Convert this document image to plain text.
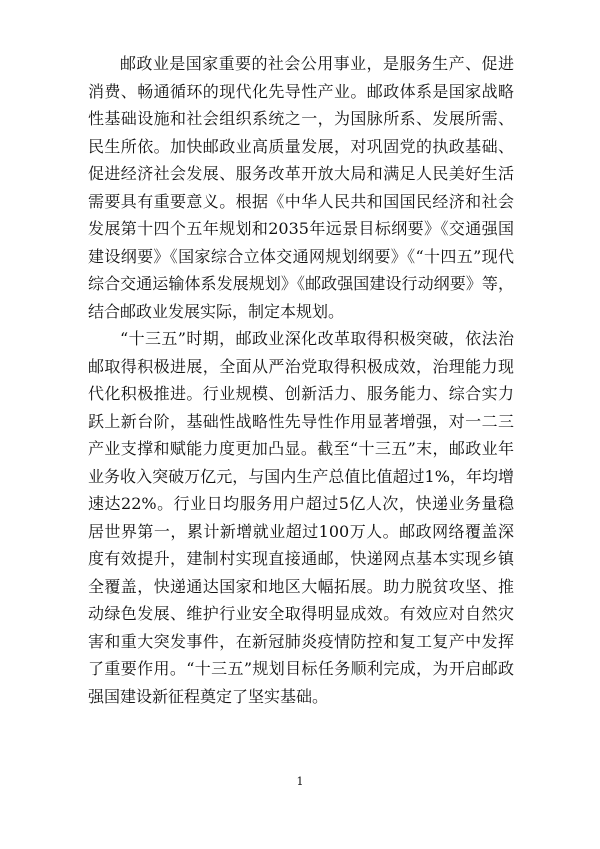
邮政业是国家重要的社会公用事业，是服务生产、促进消费、畅通循环的现代化先导性产业。邮政体系是国家战略性基础设施和社会组织系统之一，为国脉所系、发展所需、民生所依。加快邮政业高质量发展，对巩固党的执政基础、促进经济社会发展、服务改革开放大局和满足人民美好生活需要具有重要意义。根据《中华人民共和国国民经济和社会发展第十四个五年规划和2035年远景目标纲要》《交通强国建设纲要》《国家综合立体交通网规划纲要》《“十四五”现代综合交通运输体系发展规划》《邮政强国建设行动纲要》等，结合邮政业发展实际，制定本规划。

“十三五”时期，邮政业深化改革取得积极突破，依法治邮取得积极进展，全面从严治党取得积极成效，治理能力现代化积极推进。行业规模、创新活力、服务能力、综合实力跃上新台阶，基础性战略性先导性作用显著增强，对一二三产业支撑和赋能力度更加凸显。截至“十三五”末，邮政业年业务收入突破万亿元，与国内生产总值比值超过1%，年均增速达22%。行业日均服务用户超过5亿人次，快递业务量稳居世界第一，累计新增就业超过100万人。邮政网络覆盖深度有效提升，建制村实现直接通邮，快递网点基本实现乡镇全覆盖，快递通达国家和地区大幅拓展。助力脱贫攻坚、推动绿色发展、维护行业安全取得明显成效。有效应对自然灾害和重大突发事件，在新冠肺炎疫情防控和复工复产中发挥了重要作用。“十三五”规划目标任务顺利完成，为开启邮政强国建设新征程奠定了坚实基础。

1
